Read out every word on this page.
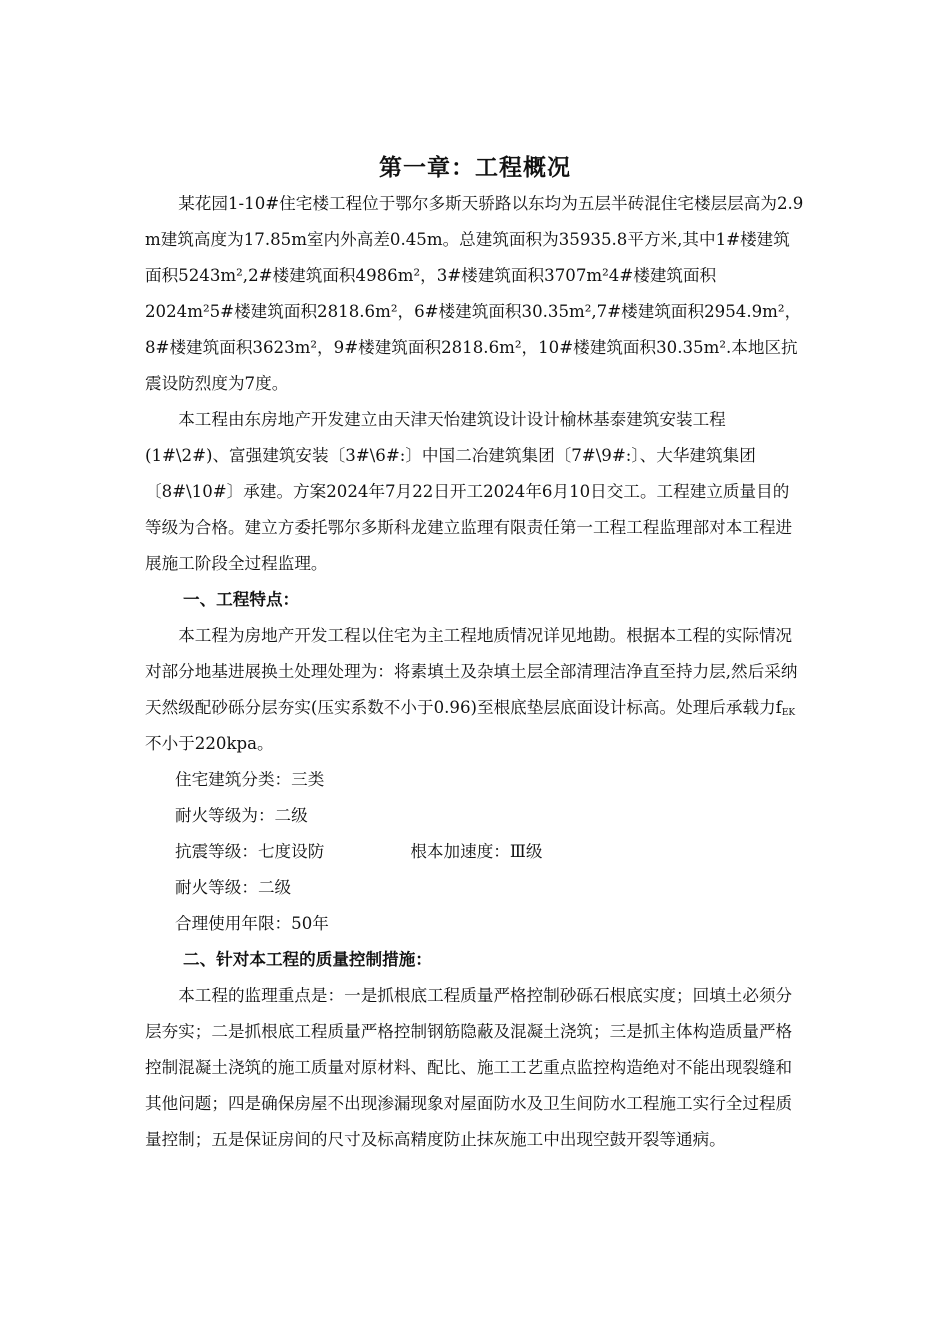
第一章：工程概况

某花园1-10#住宅楼工程位于鄂尔多斯天骄路以东均为五层半砖混住宅楼层层高为2.9 m建筑高度为17.85m室内外高差0.45m。总建筑面积为35935.8平方米,其中1#楼建筑面积5243m²,2#楼建筑面积4986m²，3#楼建筑面积3707m²4#楼建筑面积2024m²5#楼建筑面积2818.6m²，6#楼建筑面积30.35m²,7#楼建筑面积2954.9m²，8#楼建筑面积3623m²，9#楼建筑面积2818.6m²，10#楼建筑面积30.35m².本地区抗震设防烈度为7度。

本工程由东房地产开发建立由天津天怡建筑设计设计榆林基泰建筑安装工程(1#\2#)、富强建筑安装〔3#\6#:〕中国二冶建筑集团〔7#\9#:〕、大华建筑集团〔8#\10#〕承建。方案2024年7月22日开工2024年6月10日交工。工程建立质量目的等级为合格。建立方委托鄂尔多斯科龙建立监理有限责任第一工程工程监理部对本工程进展施工阶段全过程监理。

一、工程特点：

本工程为房地产开发工程以住宅为主工程地质情况详见地勘。根据本工程的实际情况对部分地基进展换土处理处理为：将素填土及杂填土层全部清理洁净直至持力层,然后采纳天然级配砂砾分层夯实(压实系数不小于0.96)至根底垫层底面设计标高。处理后承载力$f_{EK}$不小于220kpa。

住宅建筑分类：三类

耐火等级为：二级

抗震等级：七度设防	根本加速度：Ⅲ级

耐火等级：二级

合理使用年限：50年

二、针对本工程的质量控制措施：

本工程的监理重点是：一是抓根底工程质量严格控制砂砾石根底实度；回填土必须分层夯实；二是抓根底工程质量严格控制钢筋隐蔽及混凝土浇筑；三是抓主体构造质量严格控制混凝土浇筑的施工质量对原材料、配比、施工工艺重点监控构造绝对不能出现裂缝和其他问题；四是确保房屋不出现渗漏现象对屋面防水及卫生间防水工程施工实行全过程质量控制；五是保证房间的尺寸及标高精度防止抹灰施工中出现空鼓开裂等通病。
